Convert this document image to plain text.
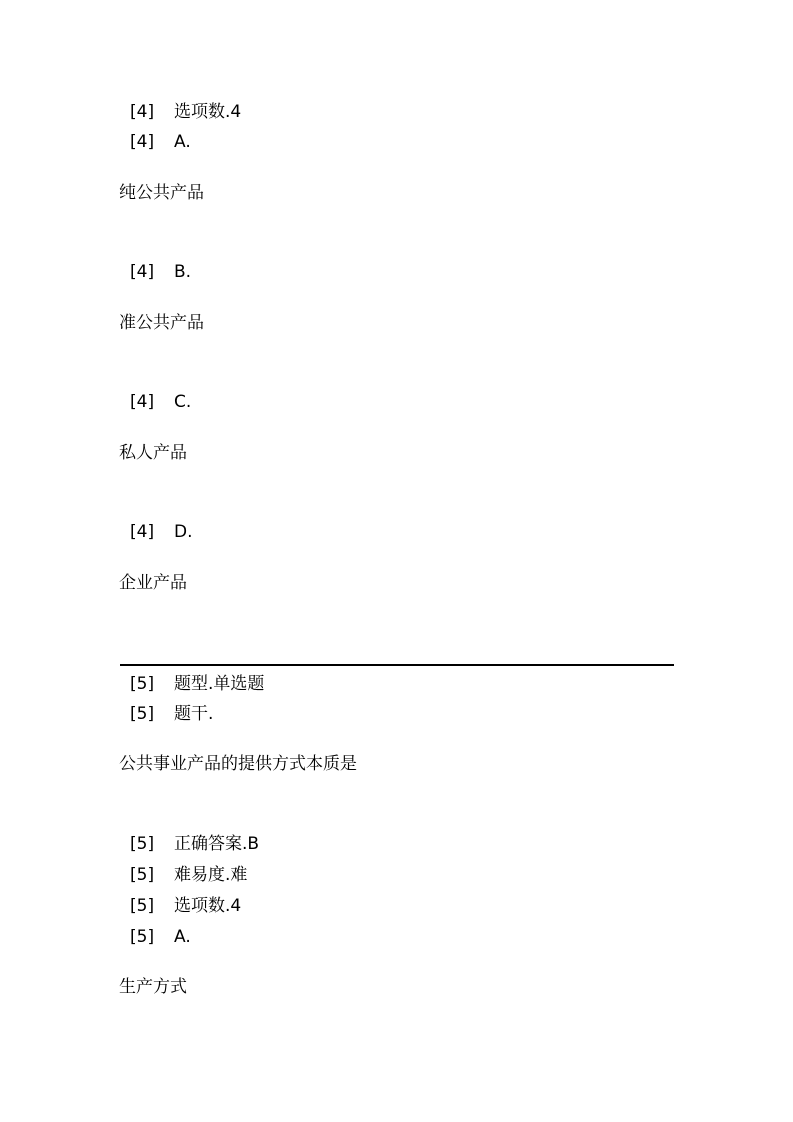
[4] 选项数.4
[4] A.
纯公共产品
[4] B.
准公共产品
[4] C.
私人产品
[4] D.
企业产品
[5] 题型.单选题
[5] 题干.
公共事业产品的提供方式本质是
[5] 正确答案.B
[5] 难易度.难
[5] 选项数.4
[5] A.
生产方式
